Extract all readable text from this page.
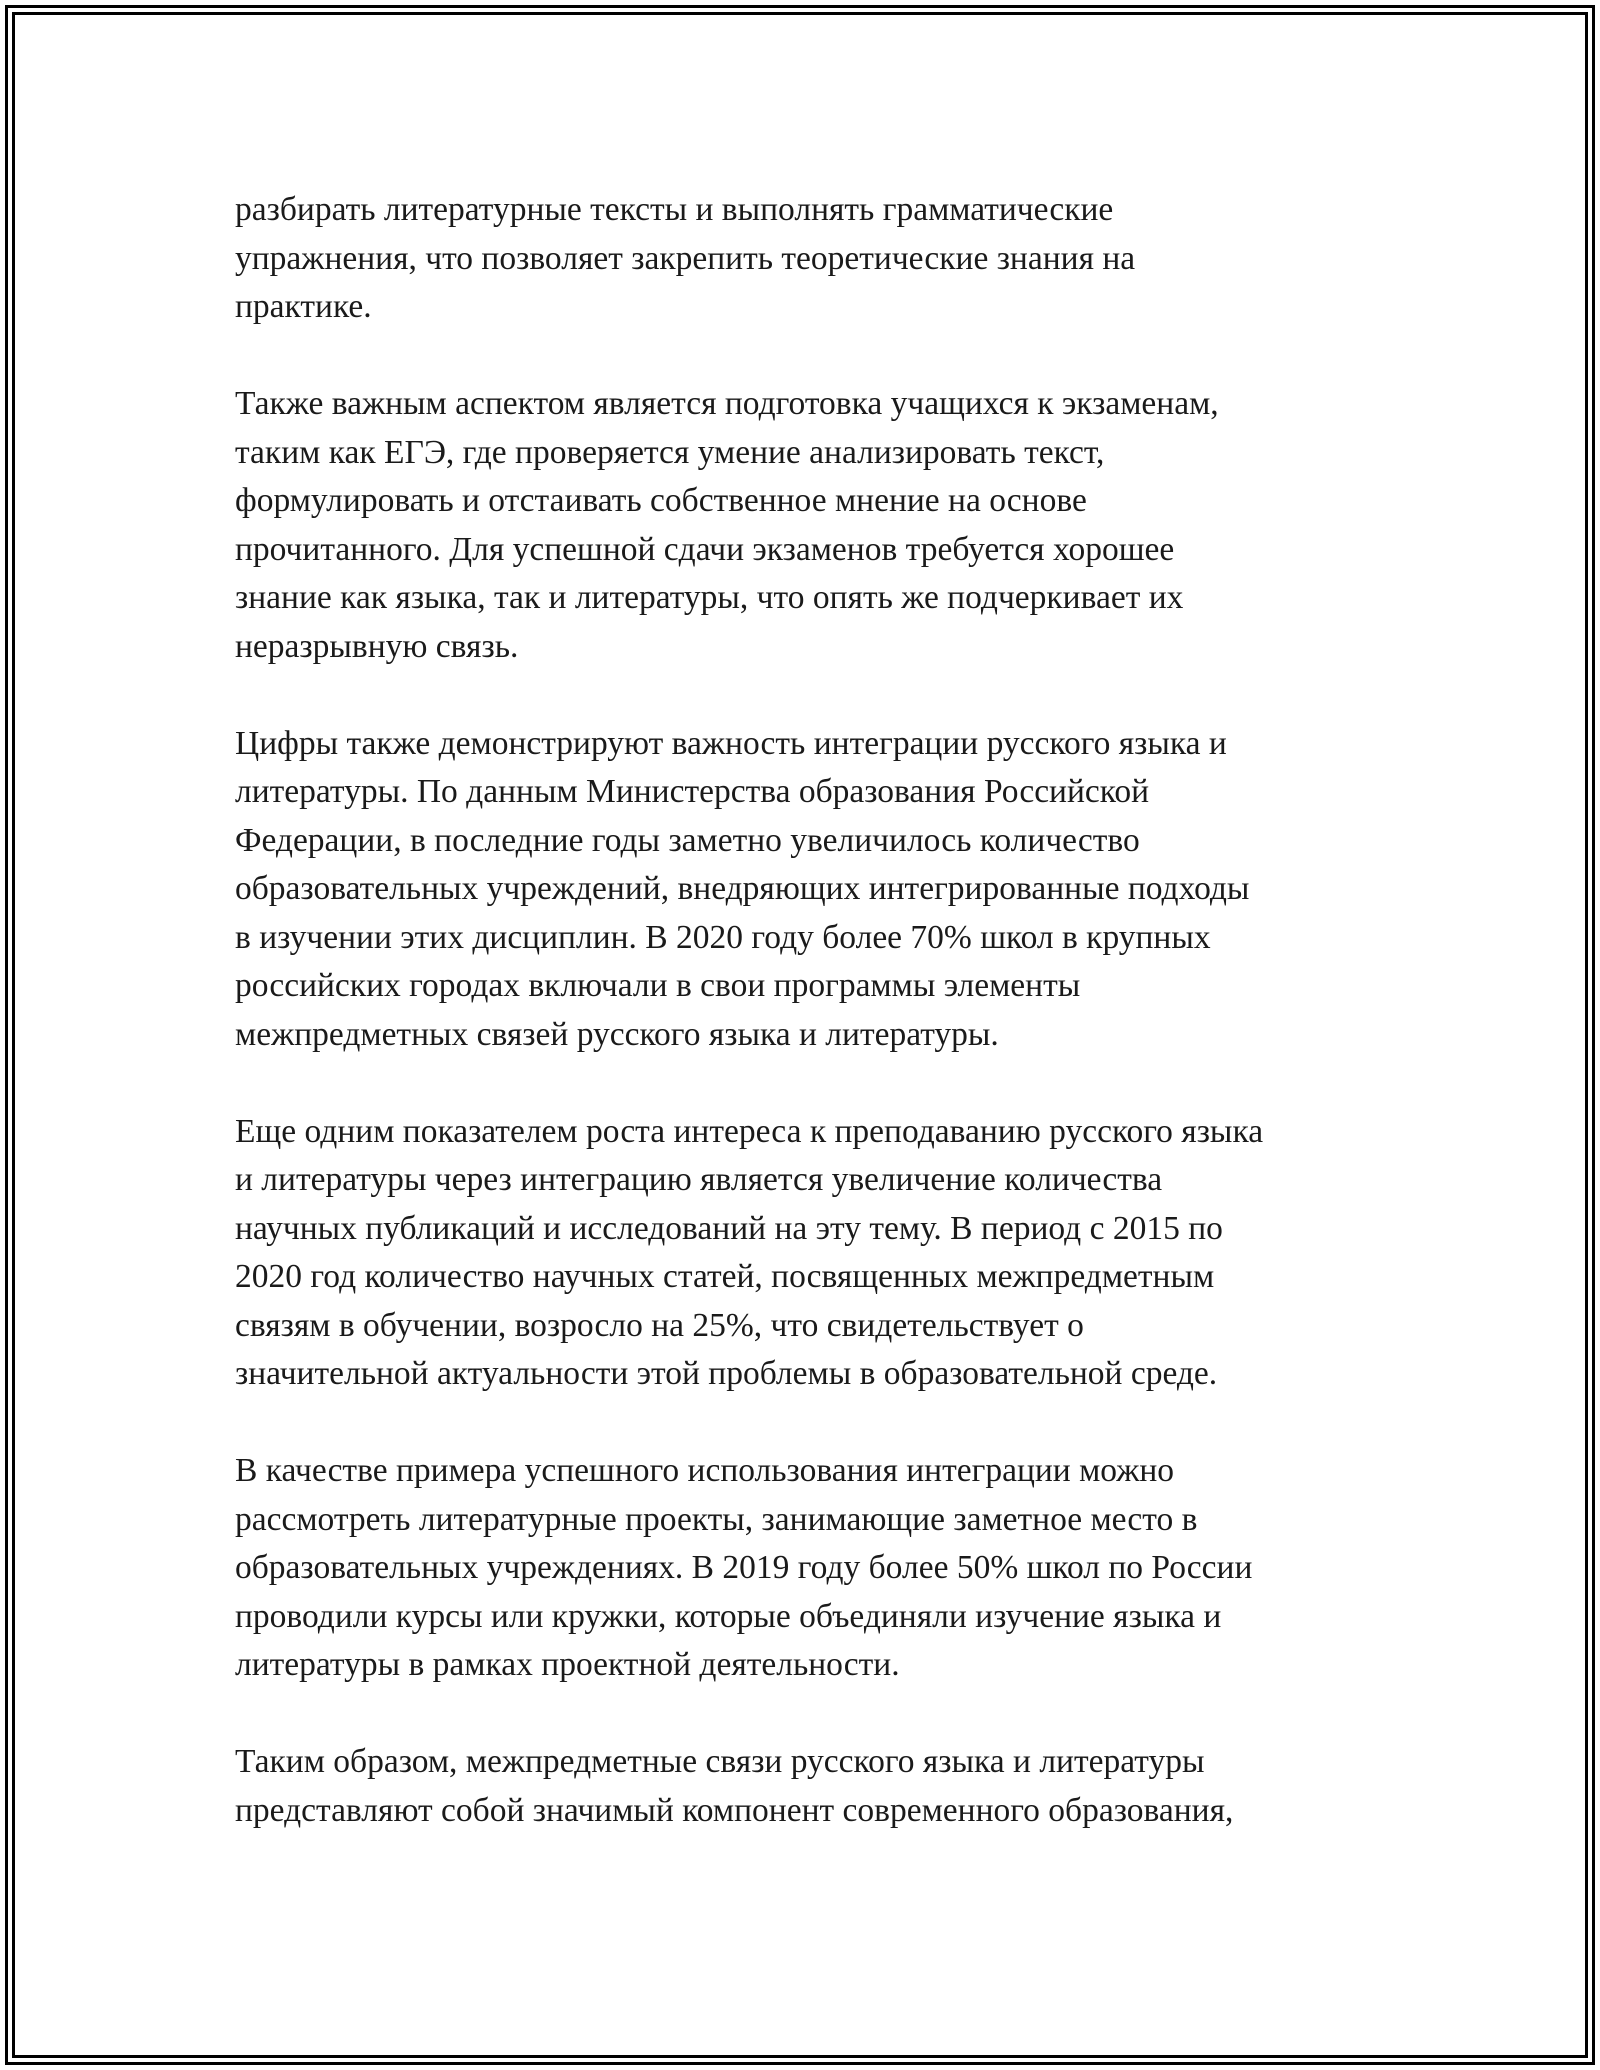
разбирать литературные тексты и выполнять грамматические
упражнения, что позволяет закрепить теоретические знания на
практике.

Также важным аспектом является подготовка учащихся к экзаменам,
таким как ЕГЭ, где проверяется умение анализировать текст,
формулировать и отстаивать собственное мнение на основе
прочитанного. Для успешной сдачи экзаменов требуется хорошее
знание как языка, так и литературы, что опять же подчеркивает их
неразрывную связь.

Цифры также демонстрируют важность интеграции русского языка и
литературы. По данным Министерства образования Российской
Федерации, в последние годы заметно увеличилось количество
образовательных учреждений, внедряющих интегрированные подходы
в изучении этих дисциплин. В 2020 году более 70% школ в крупных
российских городах включали в свои программы элементы
межпредметных связей русского языка и литературы.

Еще одним показателем роста интереса к преподаванию русского языка
и литературы через интеграцию является увеличение количества
научных публикаций и исследований на эту тему. В период с 2015 по
2020 год количество научных статей, посвященных межпредметным
связям в обучении, возросло на 25%, что свидетельствует о
значительной актуальности этой проблемы в образовательной среде.

В качестве примера успешного использования интеграции можно
рассмотреть литературные проекты, занимающие заметное место в
образовательных учреждениях. В 2019 году более 50% школ по России
проводили курсы или кружки, которые объединяли изучение языка и
литературы в рамках проектной деятельности.

Таким образом, межпредметные связи русского языка и литературы
представляют собой значимый компонент современного образования,
